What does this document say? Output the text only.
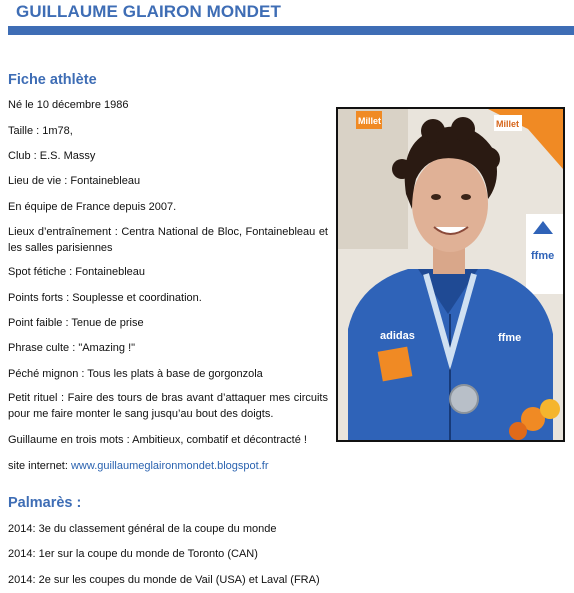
GUILLAUME GLAIRON MONDET
Fiche athlète
Né le 10 décembre 1986
Taille : 1m78,
Club : E.S. Massy
Lieu de vie : Fontainebleau
En équipe de France depuis 2007.
Lieux d’entraînement : Centra National de Bloc, Fontainebleau et les salles parisiennes
Spot fétiche : Fontainebleau
Points forts : Souplesse et coordination.
Point faible : Tenue de prise
Phrase culte : "Amazing !"
Péché mignon : Tous les plats à base de gorgonzola
Petit rituel : Faire des tours de bras avant d’attaquer mes circuits pour me faire monter le sang jusqu’au bout des doigts.
Guillaume en trois mots : Ambitieux, combatif et décontracté !
site internet: www.guillaumeglaironmondet.blogspot.fr
Palmarès :
2014: 3e du classement général de la coupe du monde
2014: 1er sur la coupe du monde de Toronto (CAN)
2014: 2e sur les coupes du monde de Vail (USA) et Laval (FRA)
Millet	Millet
ffme
adidas	ffme
